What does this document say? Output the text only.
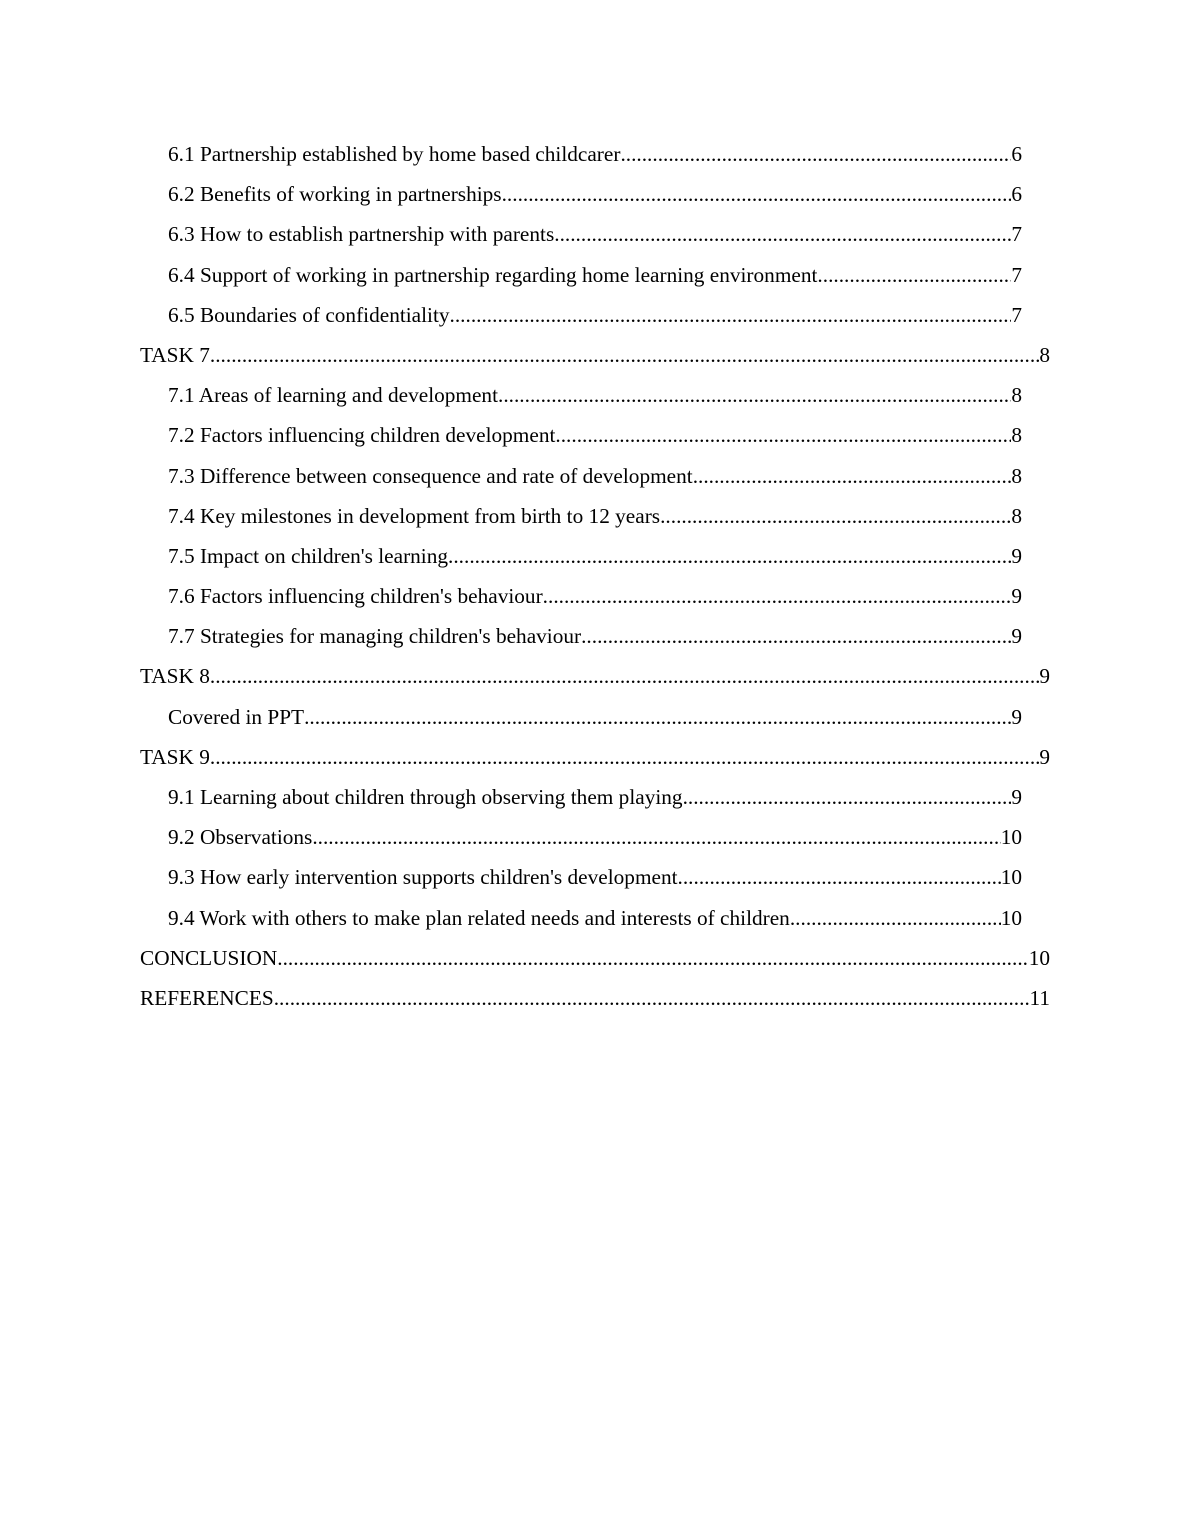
6.1 Partnership established by home based childcarer .....	6
6.2 Benefits of working in partnerships .....	6
6.3 How to establish partnership with parents .....	7
6.4 Support of working in partnership regarding home learning environment .....	7
6.5 Boundaries of confidentiality .....	7
TASK 7 .....	8
7.1 Areas of learning and development .....	8
7.2 Factors influencing children development .....	8
7.3 Difference between consequence and rate of development .....	8
7.4 Key milestones in development from birth to 12 years .....	8
7.5 Impact on children's learning .....	9
7.6 Factors influencing children's behaviour .....	9
7.7 Strategies for managing children's behaviour .....	9
TASK 8 .....	9
Covered in PPT .....	9
TASK 9 .....	9
9.1 Learning about children through observing them playing .....	9
9.2 Observations .....	10
9.3 How early intervention supports children's development .....	10
9.4 Work with others to make plan related needs and interests of children .....	10
CONCLUSION .....	10
REFERENCES .....	11
